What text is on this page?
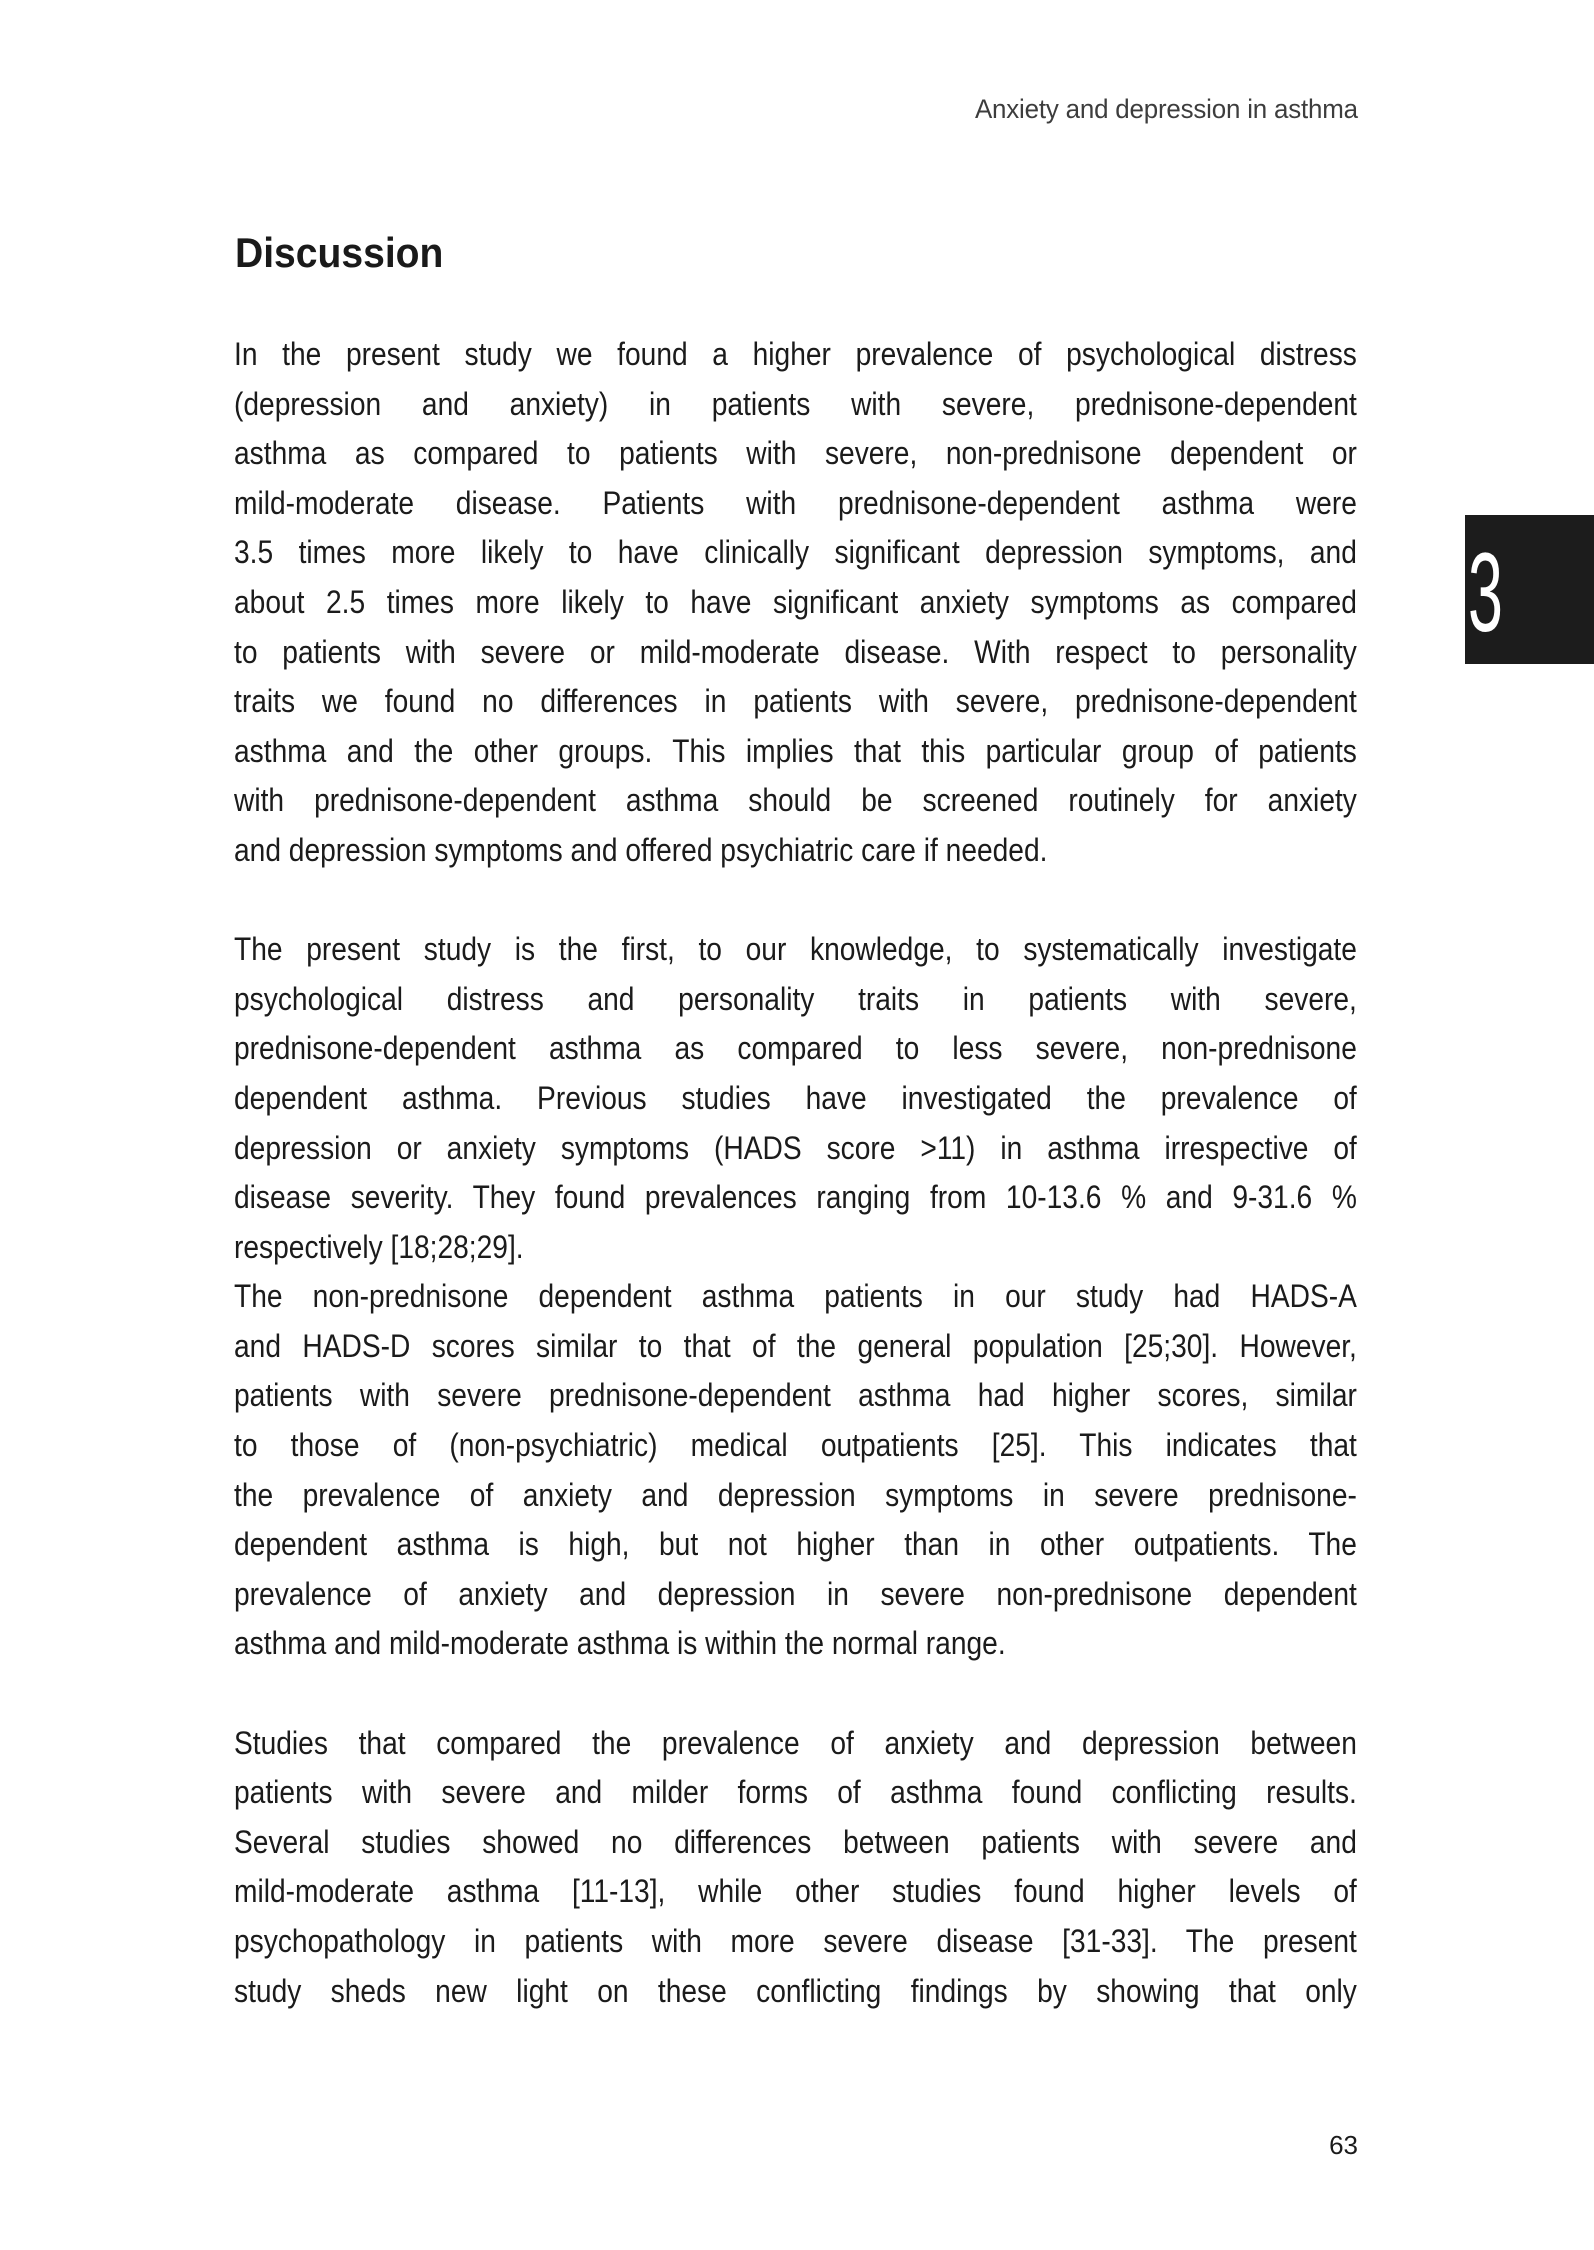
Anxiety and depression in asthma
Discussion
3
In the present study we found a higher prevalence of psychological distress
(depression and anxiety) in patients with severe, prednisone-dependent
asthma as compared to patients with severe, non-prednisone dependent or
mild-moderate disease. Patients with prednisone-dependent asthma were
3.5 times more likely to have clinically significant depression symptoms, and
about 2.5 times more likely to have significant anxiety symptoms as compared
to patients with severe or mild-moderate disease. With respect to personality
traits we found no differences in patients with severe, prednisone-dependent
asthma and the other groups. This implies that this particular group of patients
with prednisone-dependent asthma should be screened routinely for anxiety
and depression symptoms and offered psychiatric care if needed.
The present study is the first, to our knowledge, to systematically investigate
psychological distress and personality traits in patients with severe,
prednisone-dependent asthma as compared to less severe, non-prednisone
dependent asthma. Previous studies have investigated the prevalence of
depression or anxiety symptoms (HADS score >11) in asthma irrespective of
disease severity. They found prevalences ranging from 10-13.6 % and 9-31.6 %
respectively [18;28;29].
The non-prednisone dependent asthma patients in our study had HADS-A
and HADS-D scores similar to that of the general population [25;30]. However,
patients with severe prednisone-dependent asthma had higher scores, similar
to those of (non-psychiatric) medical outpatients [25]. This indicates that
the prevalence of anxiety and depression symptoms in severe prednisone-
dependent asthma is high, but not higher than in other outpatients. The
prevalence of anxiety and depression in severe non-prednisone dependent
asthma and mild-moderate asthma is within the normal range.
Studies that compared the prevalence of anxiety and depression between
patients with severe and milder forms of asthma found conflicting results.
Several studies showed no differences between patients with severe and
mild-moderate asthma [11-13], while other studies found higher levels of
psychopathology in patients with more severe disease [31-33]. The present
study sheds new light on these conflicting findings by showing that only
63
